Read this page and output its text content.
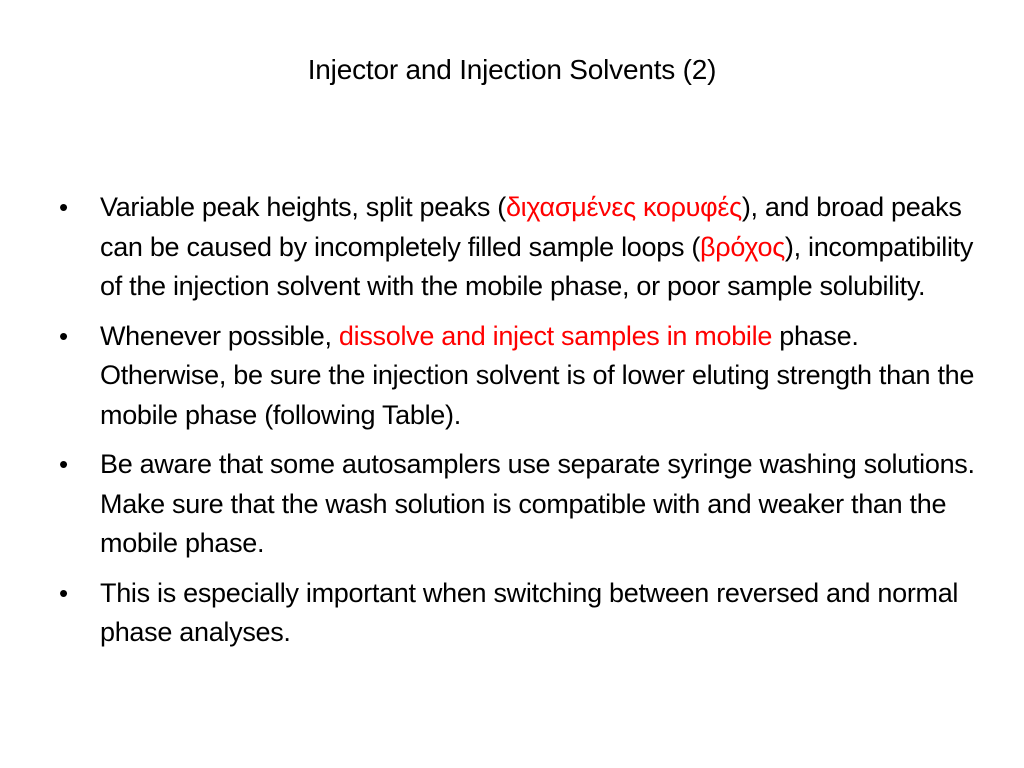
Injector and Injection Solvents (2)
• Variable peak heights, split peaks (διχασμένες κορυφές), and broad peaks can be caused by incompletely filled sample loops (βρόχος), incompatibility of the injection solvent with the mobile phase, or poor sample solubility.
• Whenever possible, dissolve and inject samples in mobile phase. Otherwise, be sure the injection solvent is of lower eluting strength than the mobile phase (following Table).
• Be aware that some autosamplers use separate syringe washing solutions. Make sure that the wash solution is compatible with and weaker than the mobile phase.
• This is especially important when switching between reversed and normal phase analyses.
